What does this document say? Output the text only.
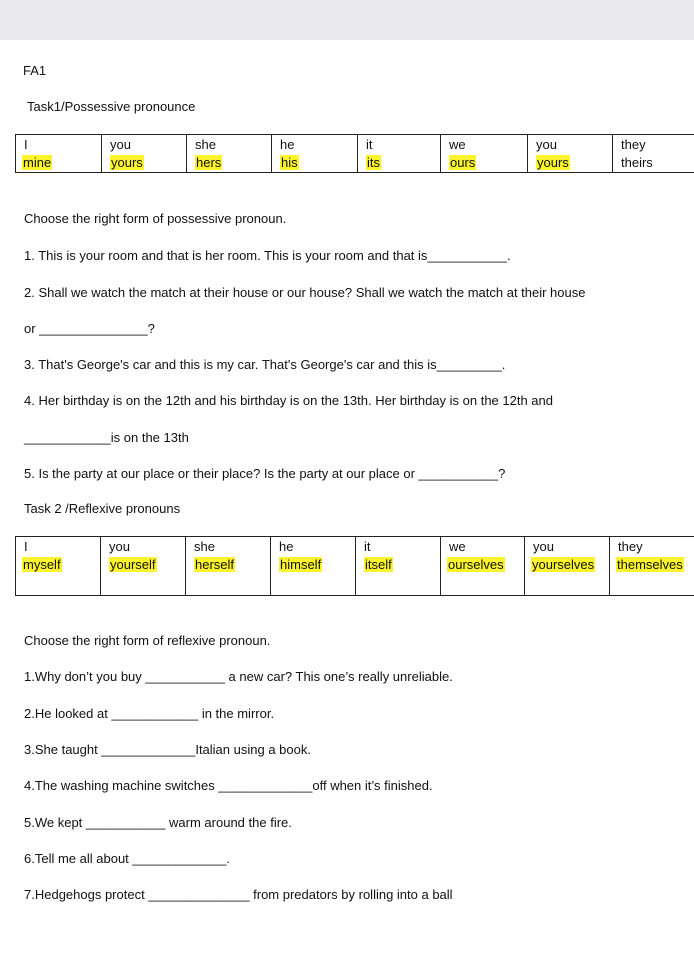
FA1
Task1/Possessive pronounce
I	you	she	he	it	we	you	they
mine	yours	hers	his	its	ours	yours	theirs
Choose the right form of possessive pronoun.
1. This is your room and that is her room. This is your room and that is___________.
2. Shall we watch the match at their house or our house? Shall we watch the match at their house
or _______________?
3. That's George's car and this is my car. That's George's car and this is_________.
4. Her birthday is on the 12th and his birthday is on the 13th. Her birthday is on the 12th and
____________is on the 13th
5. Is the party at our place or their place? Is the party at our place or ___________?
Task 2 /Reflexive pronouns
I	you	she	he	it	we	you	they
myself	yourself	herself	himself	itself	ourselves	yourselves	themselves
Choose the right form of reflexive pronoun.
1.Why don’t you buy ___________ a new car? This one’s really unreliable.
2.He looked at ____________ in the mirror.
3.She taught _____________Italian using a book.
4.The washing machine switches _____________off when it’s finished.
5.We kept ___________ warm around the fire.
6.Tell me all about _____________.
7.Hedgehogs protect ______________ from predators by rolling into a ball
